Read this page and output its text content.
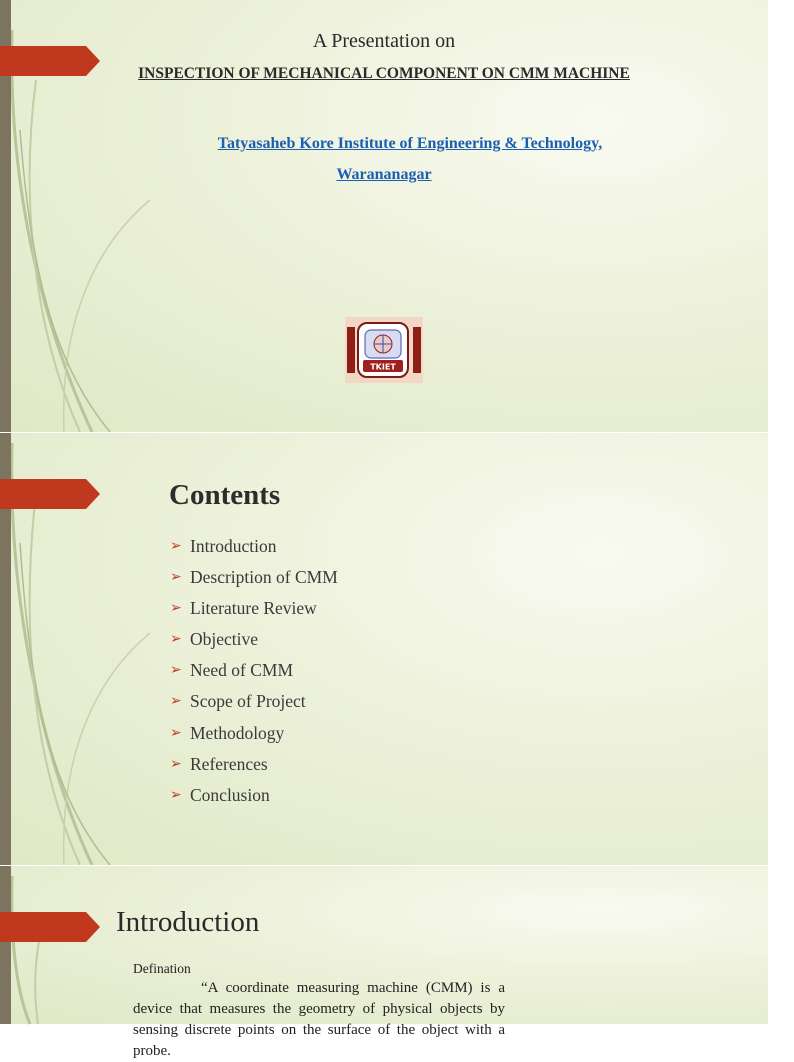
A Presentation on
INSPECTION OF MECHANICAL COMPONENT ON CMM MACHINE
Tatyasaheb Kore Institute of Engineering & Technology,
Warananagar
TKIET
Contents
➢ Introduction
➢ Description of CMM
➢ Literature Review
➢ Objective
➢ Need of CMM
➢ Scope of Project
➢ Methodology
➢ References
➢ Conclusion
Introduction
Defination
“A coordinate measuring machine (CMM) is a device that measures the geometry of physical objects by sensing discrete points on the surface of the object with a probe.
